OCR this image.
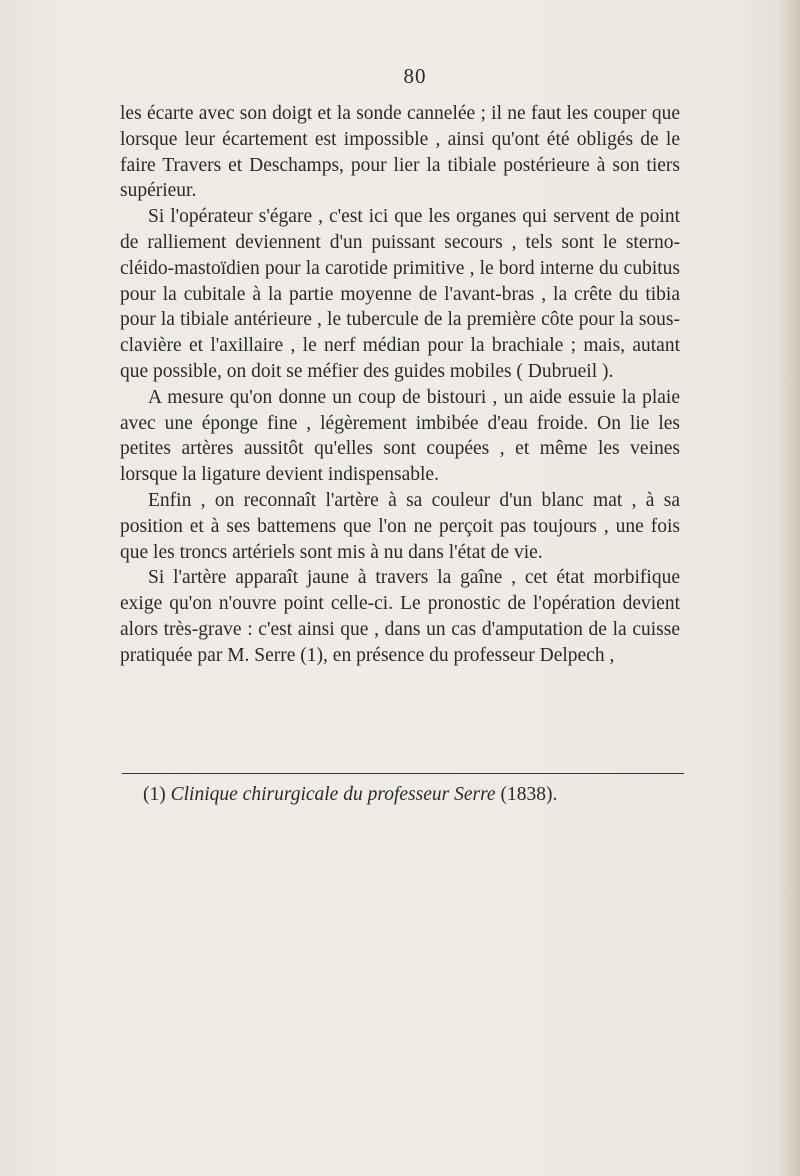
80

les écarte avec son doigt et la sonde cannelée ; il ne faut les couper que lorsque leur écartement est impossible , ainsi qu'ont été obligés de le faire Travers et Deschamps, pour lier la tibiale postérieure à son tiers supérieur.

Si l'opérateur s'égare , c'est ici que les organes qui servent de point de ralliement deviennent d'un puissant secours , tels sont le sterno-cléido-mastoïdien pour la carotide primitive , le bord interne du cubitus pour la cubitale à la partie moyenne de l'avant-bras , la crête du tibia pour la tibiale antérieure , le tubercule de la première côte pour la sous-clavière et l'axillaire , le nerf médian pour la brachiale ; mais, autant que possible, on doit se méfier des guides mobiles ( Dubrueil ).

A mesure qu'on donne un coup de bistouri , un aide essuie la plaie avec une éponge fine , légèrement imbibée d'eau froide. On lie les petites artères aussitôt qu'elles sont coupées , et même les veines lorsque la ligature devient indispensable.

Enfin , on reconnaît l'artère à sa couleur d'un blanc mat , à sa position et à ses battemens que l'on ne perçoit pas toujours , une fois que les troncs artériels sont mis à nu dans l'état de vie.

Si l'artère apparaît jaune à travers la gaîne , cet état morbifique exige qu'on n'ouvre point celle-ci. Le pronostic de l'opération devient alors très-grave : c'est ainsi que , dans un cas d'amputation de la cuisse pratiquée par M. Serre (1), en présence du professeur Delpech ,

(1) Clinique chirurgicale du professeur Serre (1838).
